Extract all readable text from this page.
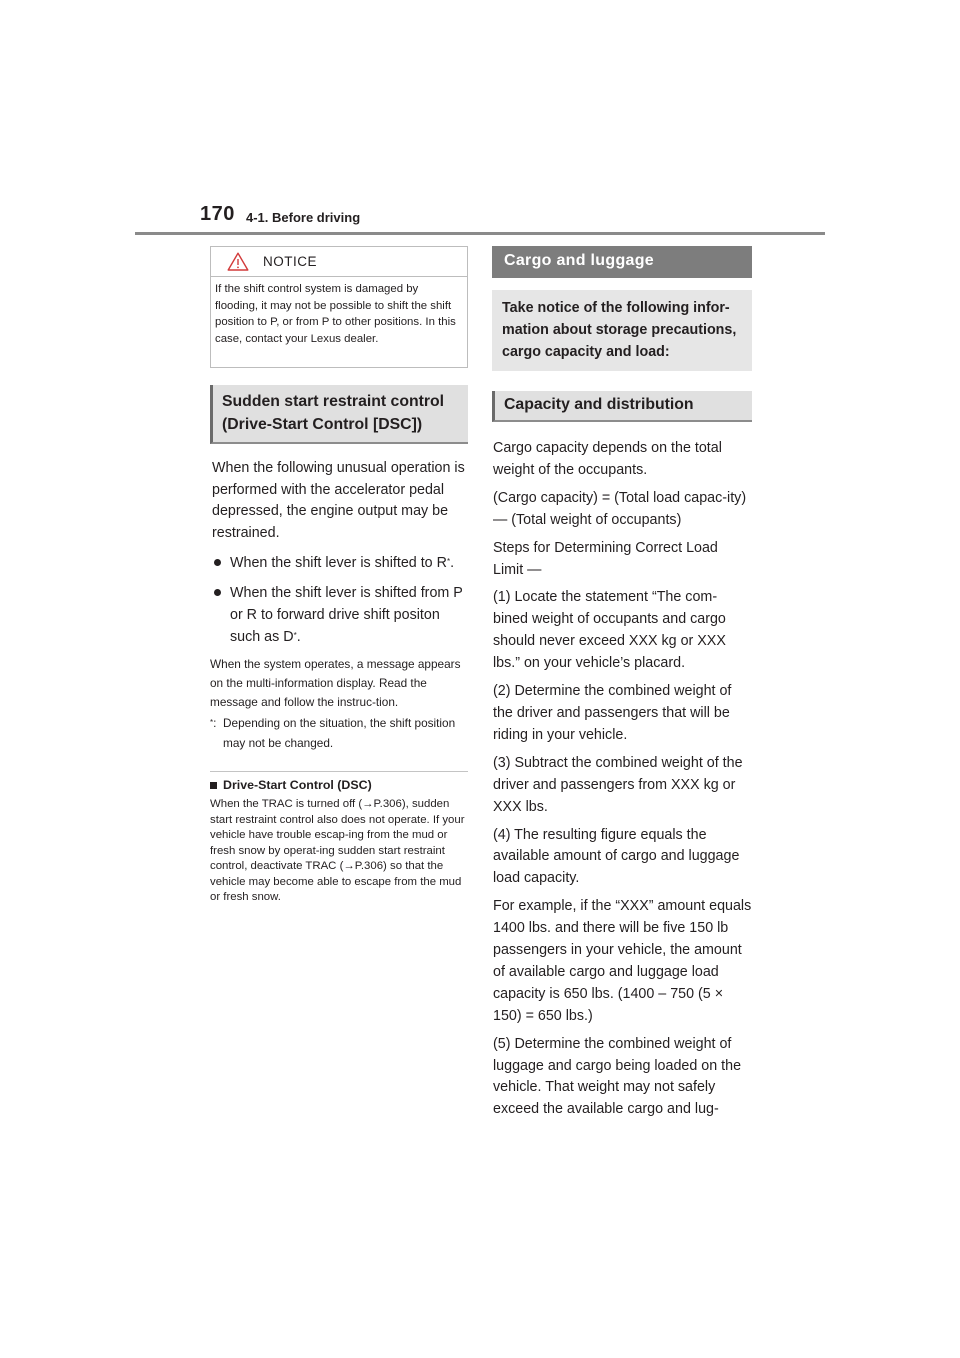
170 4-1. Before driving
NOTICE
If the shift control system is damaged by flooding, it may not be possible to shift the shift position to P, or from P to other positions. In this case, contact your Lexus dealer.
Sudden start restraint control (Drive-Start Control [DSC])
When the following unusual operation is performed with the accelerator pedal depressed, the engine output may be restrained.
When the shift lever is shifted to R*.
When the shift lever is shifted from P or R to forward drive shift positon such as D*.
When the system operates, a message appears on the multi-information display. Read the message and follow the instruc-tion.
*: Depending on the situation, the shift position may not be changed.
Drive-Start Control (DSC)
When the TRAC is turned off (→P.306), sudden start restraint control also does not operate. If your vehicle have trouble escap-ing from the mud or fresh snow by operat-ing sudden start restraint control, deactivate TRAC (→P.306) so that the vehicle may become able to escape from the mud or fresh snow.
Cargo and luggage
Take notice of the following infor-mation about storage precautions, cargo capacity and load:
Capacity and distribution
Cargo capacity depends on the total weight of the occupants.
(Cargo capacity) = (Total load capac-ity) — (Total weight of occupants)
Steps for Determining Correct Load Limit —
(1) Locate the statement “The com-bined weight of occupants and cargo should never exceed XXX kg or XXX lbs.” on your vehicle’s placard.
(2) Determine the combined weight of the driver and passengers that will be riding in your vehicle.
(3) Subtract the combined weight of the driver and passengers from XXX kg or XXX lbs.
(4) The resulting figure equals the available amount of cargo and luggage load capacity.
For example, if the “XXX” amount equals 1400 lbs. and there will be five 150 lb passengers in your vehicle, the amount of available cargo and luggage load capacity is 650 lbs. (1400 – 750 (5 × 150) = 650 lbs.)
(5) Determine the combined weight of luggage and cargo being loaded on the vehicle. That weight may not safely exceed the available cargo and lug-
